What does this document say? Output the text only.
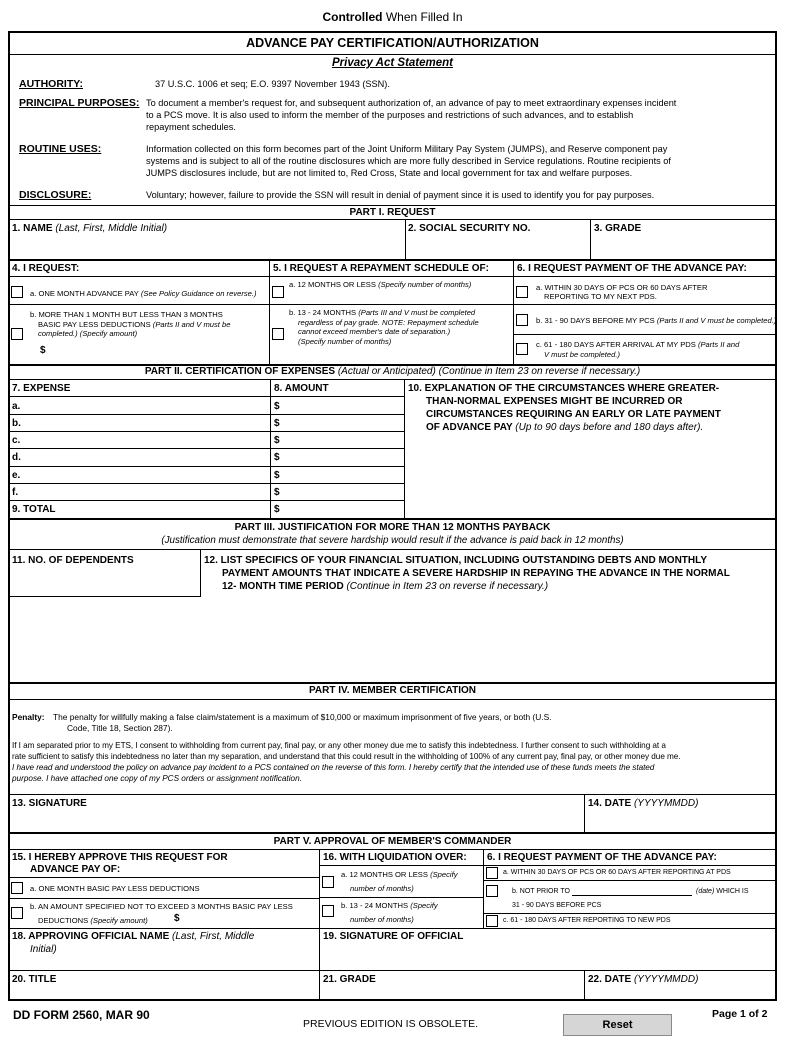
Controlled When Filled In
ADVANCE PAY CERTIFICATION/AUTHORIZATION
Privacy Act Statement
AUTHORITY:	37 U.S.C. 1006 et seq; E.O. 9397 November 1943 (SSN).
PRINCIPAL PURPOSES: To document a member's request for, and subsequent authorization of, an advance of pay to meet extraordinary expenses incident
to a PCS move. It is also used to inform the member of the purposes and restrictions of such advances, and to establish
repayment schedules.
ROUTINE USES:	Information collected on this form becomes part of the Joint Uniform Military Pay System (JUMPS), and Reserve component pay
systems and is subject to all of the routine disclosures which are more fully described in Service regulations. Routine recipients of
JUMPS disclosures include, but are not limited to, Red Cross, State and local government for tax and welfare purposes.
DISCLOSURE:	Voluntary; however, failure to provide the SSN will result in denial of payment since it is used to identify you for pay purposes.
PART I. REQUEST
1. NAME (Last, First, Middle Initial)	2. SOCIAL SECURITY NO.	3. GRADE
4. I REQUEST:
a. ONE MONTH ADVANCE PAY (See Policy Guidance on reverse.)
b. MORE THAN 1 MONTH BUT LESS THAN 3 MONTHS
BASIC PAY LESS DEDUCTIONS (Parts II and V must be
completed.) (Specify amount)
$
5. I REQUEST A REPAYMENT SCHEDULE OF:
a. 12 MONTHS OR LESS (Specify number of months)
b. 13 - 24 MONTHS (Parts III and V must be completed
regardless of pay grade. NOTE: Repayment schedule
cannot exceed member's date of separation.)
(Specify number of months)
6. I REQUEST PAYMENT OF THE ADVANCE PAY:
a. WITHIN 30 DAYS OF PCS OR 60 DAYS AFTER
REPORTING TO MY NEXT PDS.
b. 31 - 90 DAYS BEFORE MY PCS (Parts II and V must be completed.)
c. 61 - 180 DAYS AFTER ARRIVAL AT MY PDS (Parts II and
V must be completed.)
PART II. CERTIFICATION OF EXPENSES (Actual or Anticipated) (Continue in Item 23 on reverse if necessary.)
7. EXPENSE	8. AMOUNT
a.	$
b.	$
c.	$
d.	$
e.	$
f.	$
9. TOTAL	$
10. EXPLANATION OF THE CIRCUMSTANCES WHERE GREATER-
THAN-NORMAL EXPENSES MIGHT BE INCURRED OR
CIRCUMSTANCES REQUIRING AN EARLY OR LATE PAYMENT
OF ADVANCE PAY (Up to 90 days before and 180 days after).
PART III. JUSTIFICATION FOR MORE THAN 12 MONTHS PAYBACK
(Justification must demonstrate that severe hardship would result if the advance is paid back in 12 months)
11. NO. OF DEPENDENTS	12. LIST SPECIFICS OF YOUR FINANCIAL SITUATION, INCLUDING OUTSTANDING DEBTS AND MONTHLY
PAYMENT AMOUNTS THAT INDICATE A SEVERE HARDSHIP IN REPAYING THE ADVANCE IN THE NORMAL
12- MONTH TIME PERIOD (Continue in Item 23 on reverse if necessary.)
PART IV. MEMBER CERTIFICATION
Penalty: The penalty for willfully making a false claim/statement is a maximum of $10,000 or maximum imprisonment of five years, or both (U.S.
Code, Title 18, Section 287).
If I am separated prior to my ETS, I consent to withholding from current pay, final pay, or any other money due me to satisfy this indebtedness. I further consent to such withholding at a
rate sufficient to satisfy this indebtedness no later than my separation, and understand that this could result in the withholding of 100% of any current pay, final pay, or other money due me.
I have read and understood the policy on advance pay incident to a PCS contained on the reverse of this form. I hereby certify that the intended use of these funds meets the stated
purpose. I have attached one copy of my PCS orders or assignment notification.
13. SIGNATURE	14. DATE (YYYYMMDD)
PART V. APPROVAL OF MEMBER'S COMMANDER
15. I HEREBY APPROVE THIS REQUEST FOR
ADVANCE PAY OF:
a. ONE MONTH BASIC PAY LESS DEDUCTIONS
b. AN AMOUNT SPECIFIED NOT TO EXCEED 3 MONTHS BASIC PAY LESS
DEDUCTIONS (Specify amount)	$
16. WITH LIQUIDATION OVER:
a. 12 MONTHS OR LESS (Specify
number of months)
b. 13 - 24 MONTHS (Specify
number of months)
6. I REQUEST PAYMENT OF THE ADVANCE PAY:
a. WITHIN 30 DAYS OF PCS OR 60 DAYS AFTER REPORTING AT PDS
b. NOT PRIOR TO	(date) WHICH IS
31 - 90 DAYS BEFORE PCS
c. 61 - 180 DAYS AFTER REPORTING TO NEW PDS
18. APPROVING OFFICIAL NAME (Last, First, Middle
Initial)
19. SIGNATURE OF OFFICIAL
20. TITLE	21. GRADE	22. DATE (YYYYMMDD)
DD FORM 2560, MAR 90
PREVIOUS EDITION IS OBSOLETE.	Reset
Page 1 of 2
